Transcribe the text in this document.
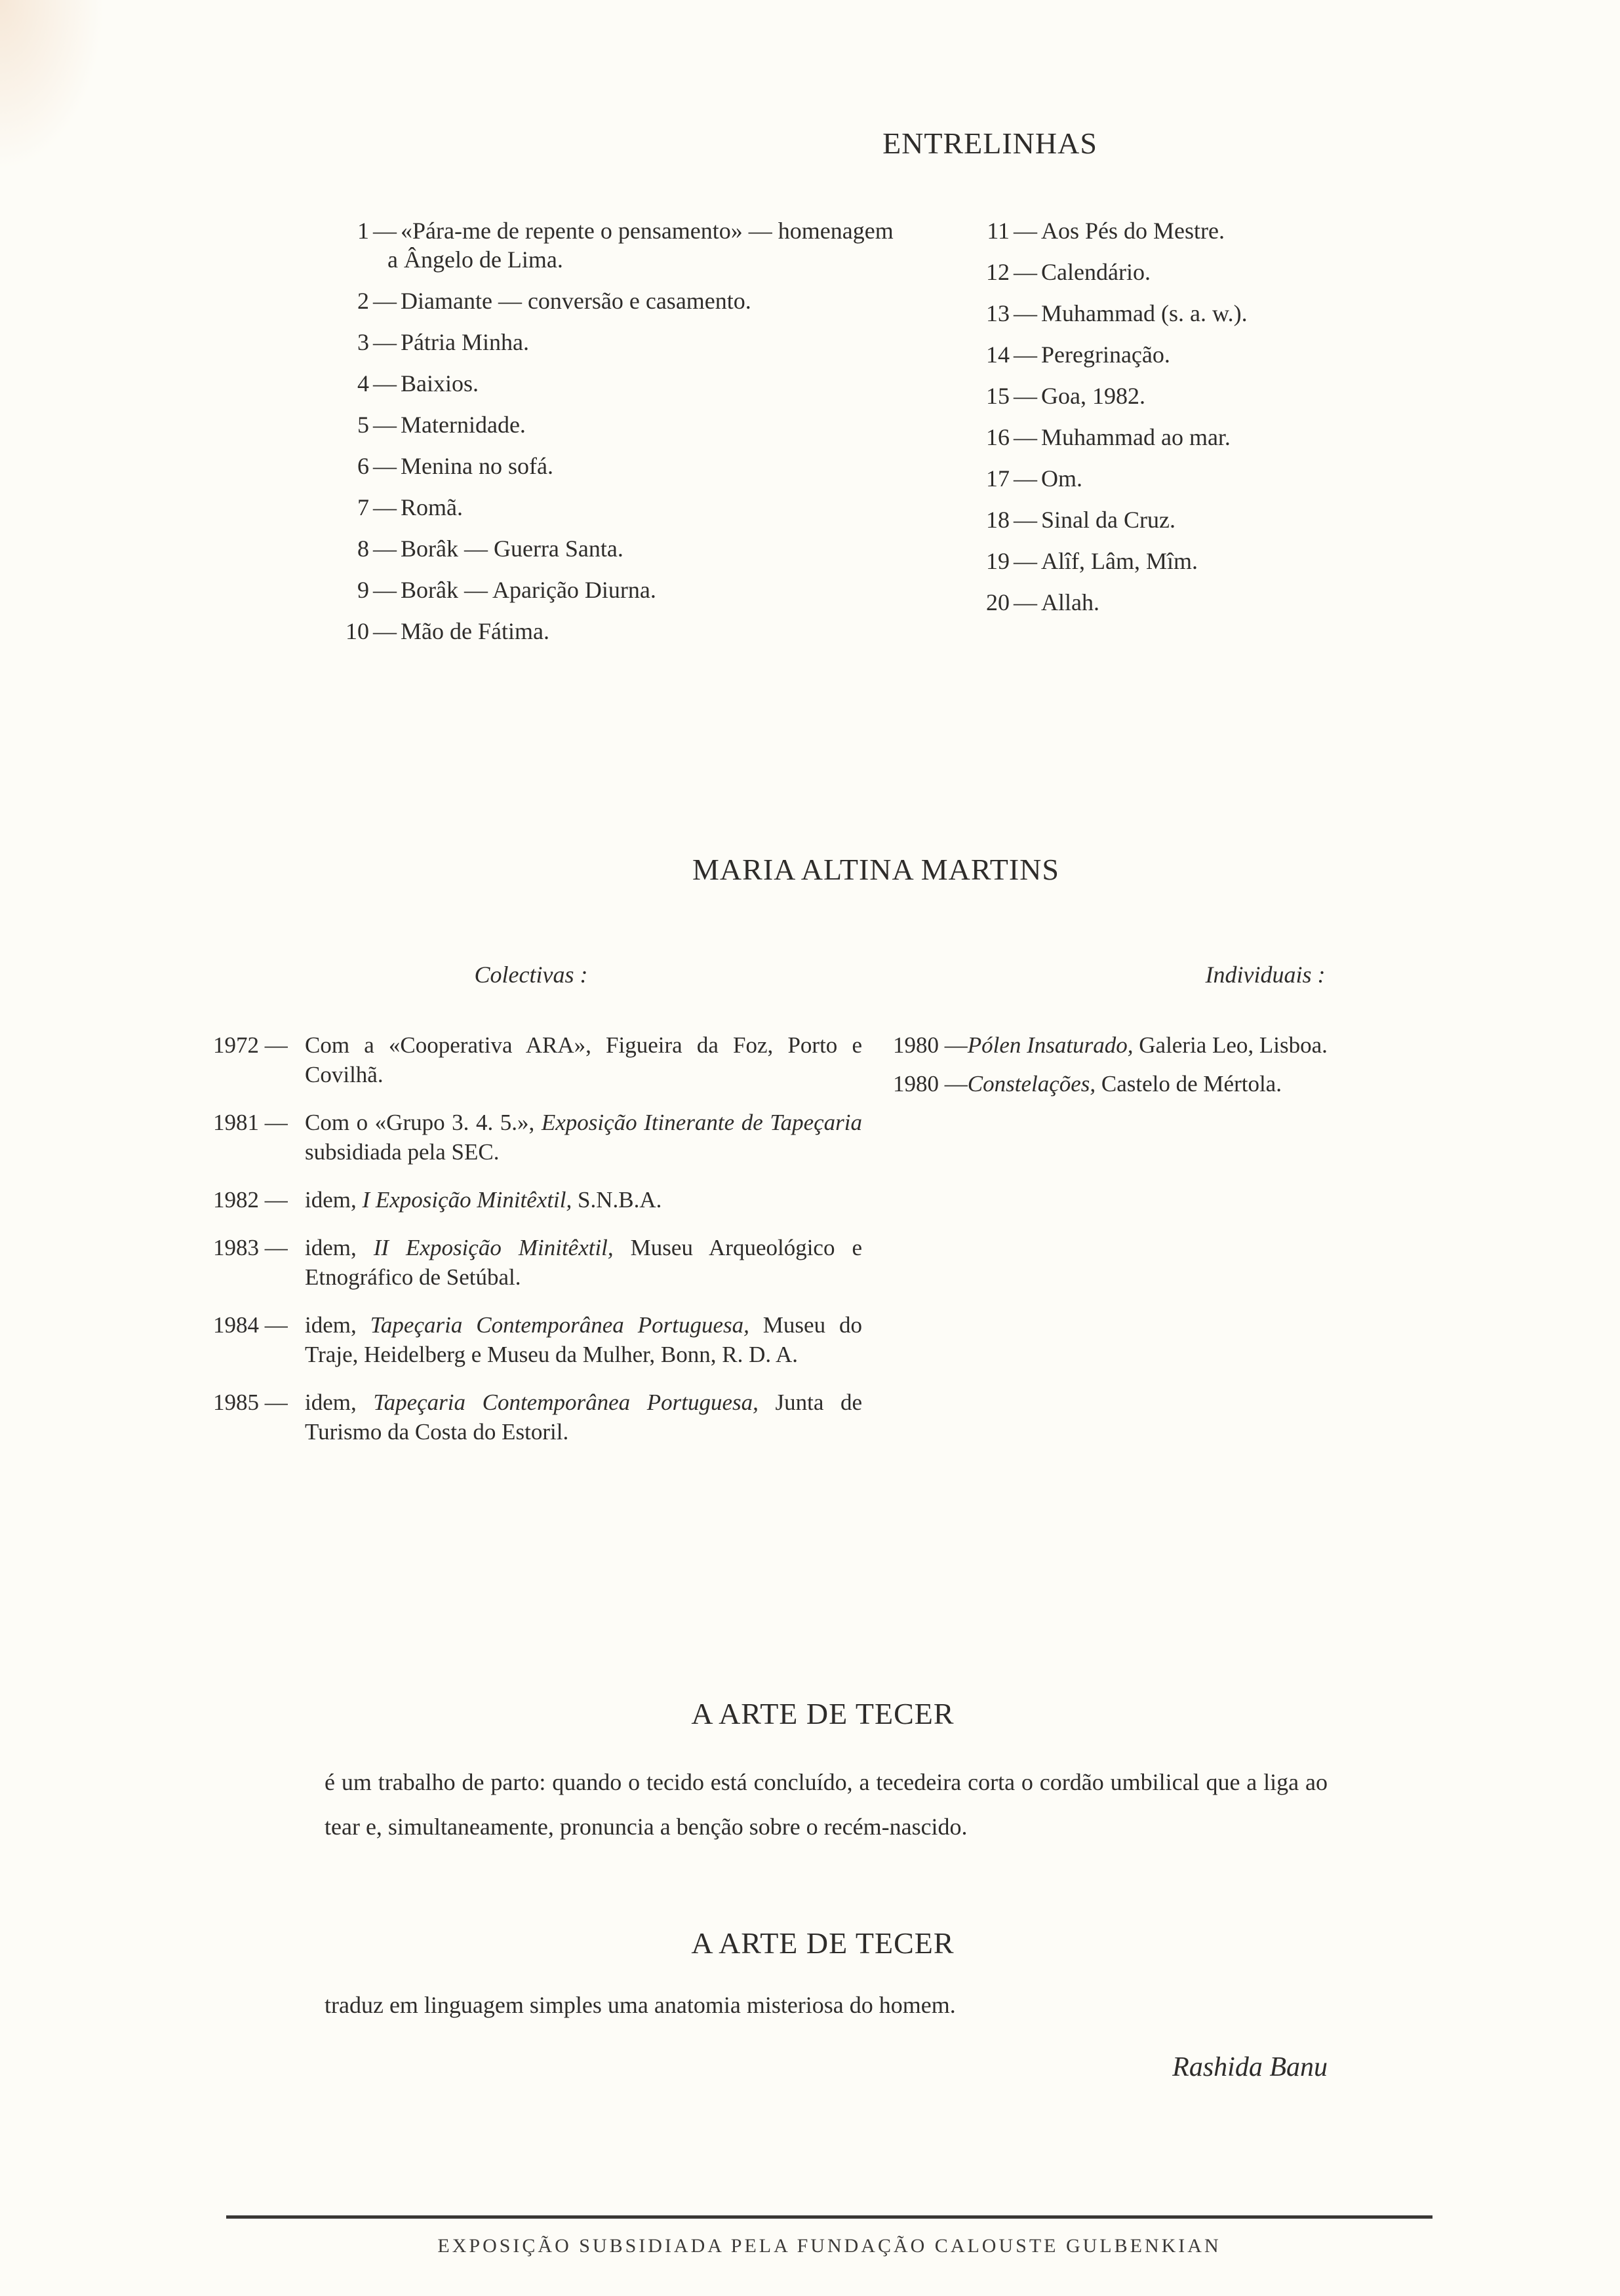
ENTRELINHAS
1 — «Pára-me de repente o pensamento» — homenagem
a Ângelo de Lima.
2 — Diamante — conversão e casamento.
3 — Pátria Minha.
4 — Baixios.
5 — Maternidade.
6 — Menina no sofá.
7 — Romã.
8 — Borâk — Guerra Santa.
9 — Borâk — Aparição Diurna.
10 — Mão de Fátima.
11 — Aos Pés do Mestre.
12 — Calendário.
13 — Muhammad (s. a. w.).
14 — Peregrinação.
15 — Goa, 1982.
16 — Muhammad ao mar.
17 — Om.
18 — Sinal da Cruz.
19 — Alîf, Lâm, Mîm.
20 — Allah.
MARIA ALTINA MARTINS
Colectivas :	Individuais :
1972 — Com a «Cooperativa ARA», Figueira da Foz, Porto e Covilhã.
1981 — Com o «Grupo 3. 4. 5.», Exposição Itinerante de Tapeçaria subsidiada pela SEC.
1982 — idem, I Exposição Minitêxtil, S.N.B.A.
1983 — idem, II Exposição Minitêxtil, Museu Arqueológico e Etnográfico de Setúbal.
1984 — idem, Tapeçaria Contemporânea Portuguesa, Museu do Traje, Heidelberg e Museu da Mulher, Bonn, R. D. A.
1985 — idem, Tapeçaria Contemporânea Portuguesa, Junta de Turismo da Costa do Estoril.
1980 — Pólen Insaturado, Galeria Leo, Lisboa.
1980 — Constelações, Castelo de Mértola.
A ARTE DE TECER
é um trabalho de parto: quando o tecido está concluído, a tecedeira corta o cordão umbilical que a liga ao tear e, simultaneamente, pronuncia a benção sobre o recém-nascido.
A ARTE DE TECER
traduz em linguagem simples uma anatomia misteriosa do homem.
Rashida Banu
EXPOSIÇÃO SUBSIDIADA PELA FUNDAÇÃO CALOUSTE GULBENKIAN
